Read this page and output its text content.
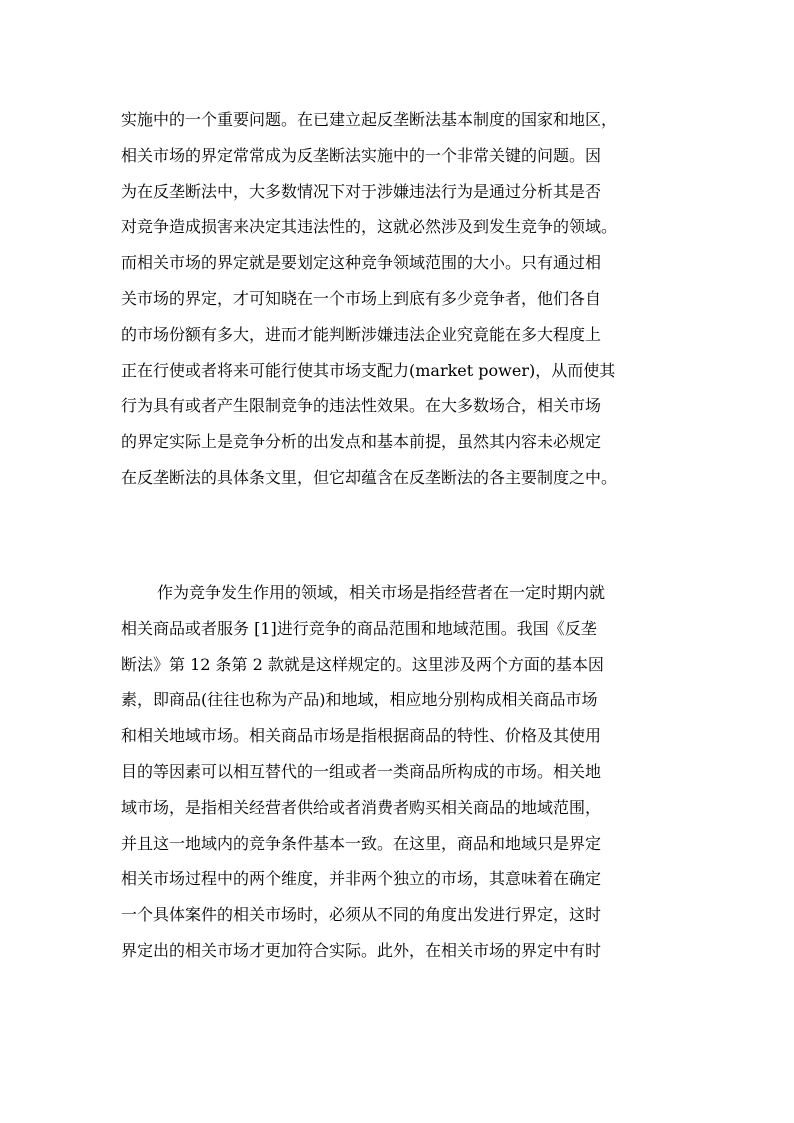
实施中的一个重要问题。在已建立起反垄断法基本制度的国家和地区，
相关市场的界定常常成为反垄断法实施中的一个非常关键的问题。因
为在反垄断法中，大多数情况下对于涉嫌违法行为是通过分析其是否
对竞争造成损害来决定其违法性的，这就必然涉及到发生竞争的领域。
而相关市场的界定就是要划定这种竞争领域范围的大小。只有通过相
关市场的界定，才可知晓在一个市场上到底有多少竞争者，他们各自
的市场份额有多大，进而才能判断涉嫌违法企业究竟能在多大程度上
正在行使或者将来可能行使其市场支配力(market power)，从而使其
行为具有或者产生限制竞争的违法性效果。在大多数场合，相关市场
的界定实际上是竞争分析的出发点和基本前提，虽然其内容未必规定
在反垄断法的具体条文里，但它却蕴含在反垄断法的各主要制度之中。
作为竞争发生作用的领域，相关市场是指经营者在一定时期内就
相关商品或者服务 [1]进行竞争的商品范围和地域范围。我国《反垄
断法》第 12 条第 2 款就是这样规定的。这里涉及两个方面的基本因
素，即商品(往往也称为产品)和地域，相应地分别构成相关商品市场
和相关地域市场。相关商品市场是指根据商品的特性、价格及其使用
目的等因素可以相互替代的一组或者一类商品所构成的市场。相关地
域市场，是指相关经营者供给或者消费者购买相关商品的地域范围，
并且这一地域内的竞争条件基本一致。在这里，商品和地域只是界定
相关市场过程中的两个维度，并非两个独立的市场，其意味着在确定
一个具体案件的相关市场时，必须从不同的角度出发进行界定，这时
界定出的相关市场才更加符合实际。此外，在相关市场的界定中有时
